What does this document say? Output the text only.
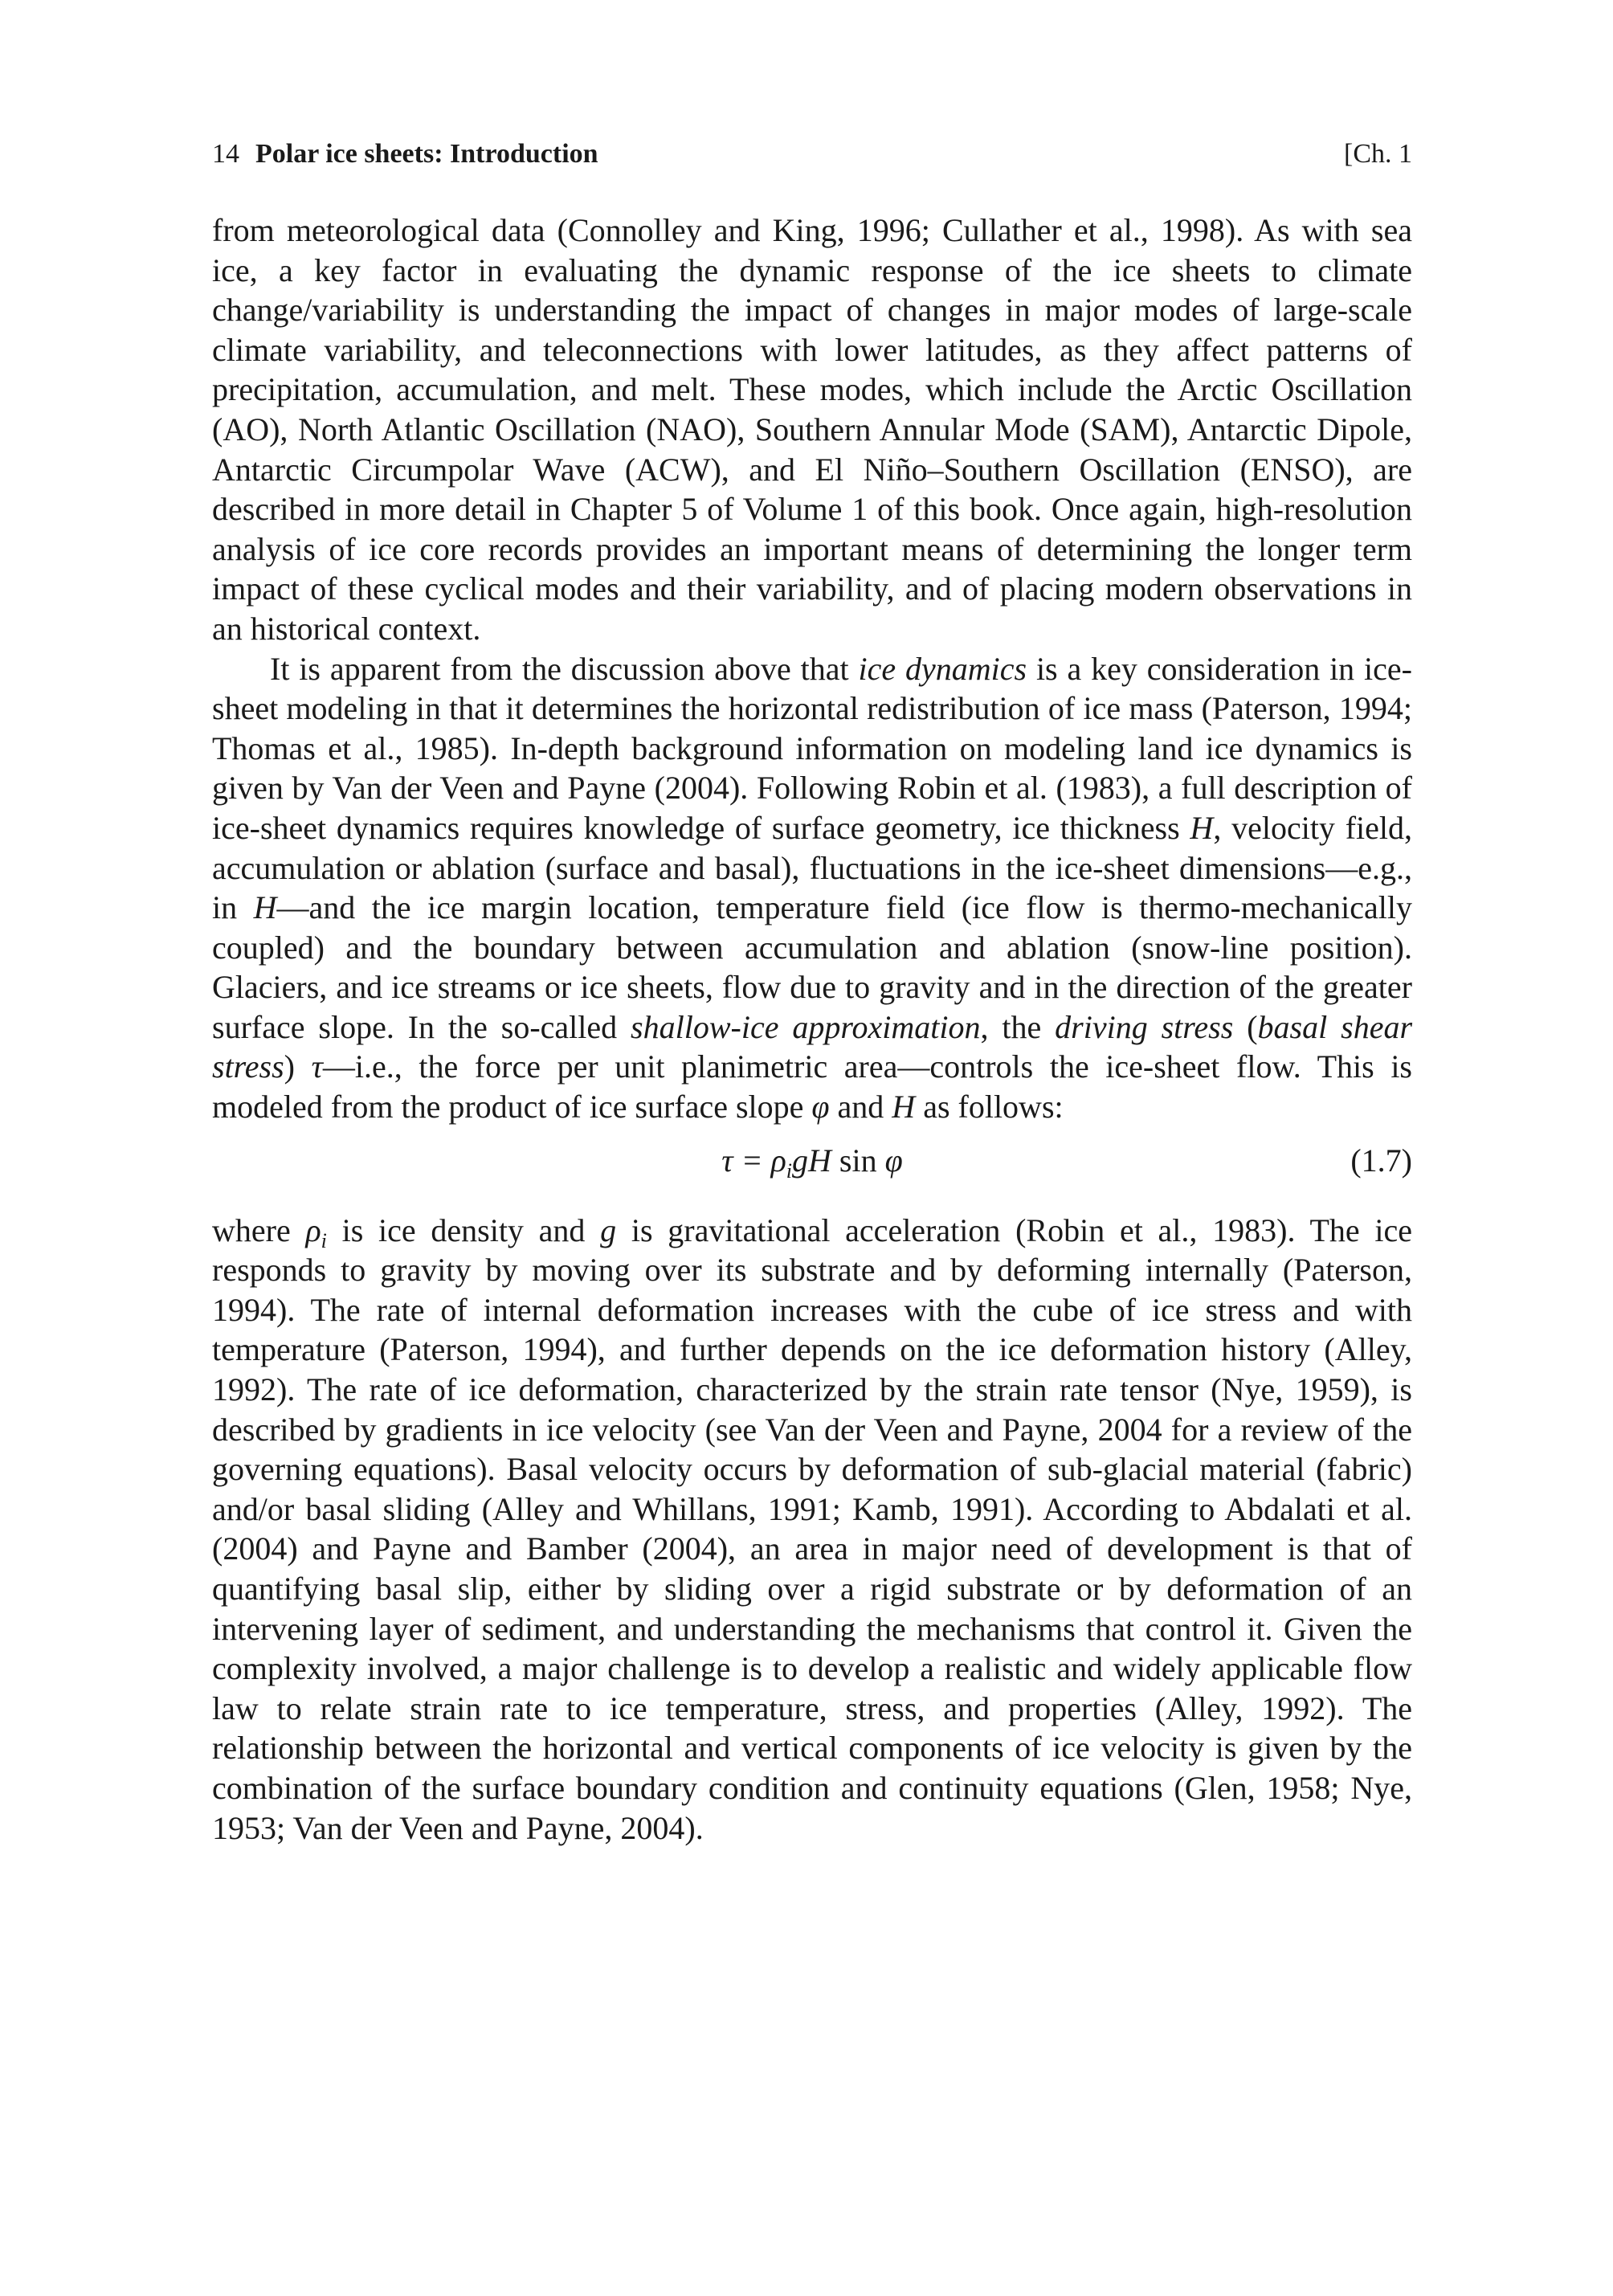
14 Polar ice sheets: Introduction	[Ch. 1

from meteorological data (Connolley and King, 1996; Cullather et al., 1998). As with sea ice, a key factor in evaluating the dynamic response of the ice sheets to climate change/variability is understanding the impact of changes in major modes of large-scale climate variability, and teleconnections with lower latitudes, as they affect patterns of precipitation, accumulation, and melt. These modes, which include the Arctic Oscillation (AO), North Atlantic Oscillation (NAO), Southern Annular Mode (SAM), Antarctic Dipole, Antarctic Circumpolar Wave (ACW), and El Niño–Southern Oscillation (ENSO), are described in more detail in Chapter 5 of Volume 1 of this book. Once again, high-resolution analysis of ice core records provides an important means of determining the longer term impact of these cyclical modes and their variability, and of placing modern observations in an historical context.

It is apparent from the discussion above that ice dynamics is a key consideration in ice-sheet modeling in that it determines the horizontal redistribution of ice mass (Paterson, 1994; Thomas et al., 1985). In-depth background information on modeling land ice dynamics is given by Van der Veen and Payne (2004). Following Robin et al. (1983), a full description of ice-sheet dynamics requires knowledge of surface geometry, ice thickness H, velocity field, accumulation or ablation (surface and basal), fluctuations in the ice-sheet dimensions—e.g., in H—and the ice margin location, temperature field (ice flow is thermo-mechanically coupled) and the boundary between accumulation and ablation (snow-line position). Glaciers, and ice streams or ice sheets, flow due to gravity and in the direction of the greater surface slope. In the so-called shallow-ice approximation, the driving stress (basal shear stress) τ—i.e., the force per unit planimetric area—controls the ice-sheet flow. This is modeled from the product of ice surface slope φ and H as follows:

$\tau = \rho_igH$ sin φ	(1.7)

where $\rho_i$ is ice density and g is gravitational acceleration (Robin et al., 1983). The ice responds to gravity by moving over its substrate and by deforming internally (Paterson, 1994). The rate of internal deformation increases with the cube of ice stress and with temperature (Paterson, 1994), and further depends on the ice deformation history (Alley, 1992). The rate of ice deformation, characterized by the strain rate tensor (Nye, 1959), is described by gradients in ice velocity (see Van der Veen and Payne, 2004 for a review of the governing equations). Basal velocity occurs by deformation of sub-glacial material (fabric) and/or basal sliding (Alley and Whillans, 1991; Kamb, 1991). According to Abdalati et al. (2004) and Payne and Bamber (2004), an area in major need of development is that of quantifying basal slip, either by sliding over a rigid substrate or by deformation of an intervening layer of sediment, and understanding the mechanisms that control it. Given the complexity involved, a major challenge is to develop a realistic and widely applicable flow law to relate strain rate to ice temperature, stress, and properties (Alley, 1992). The relationship between the horizontal and vertical components of ice velocity is given by the combination of the surface boundary condition and continuity equations (Glen, 1958; Nye, 1953; Van der Veen and Payne, 2004).
